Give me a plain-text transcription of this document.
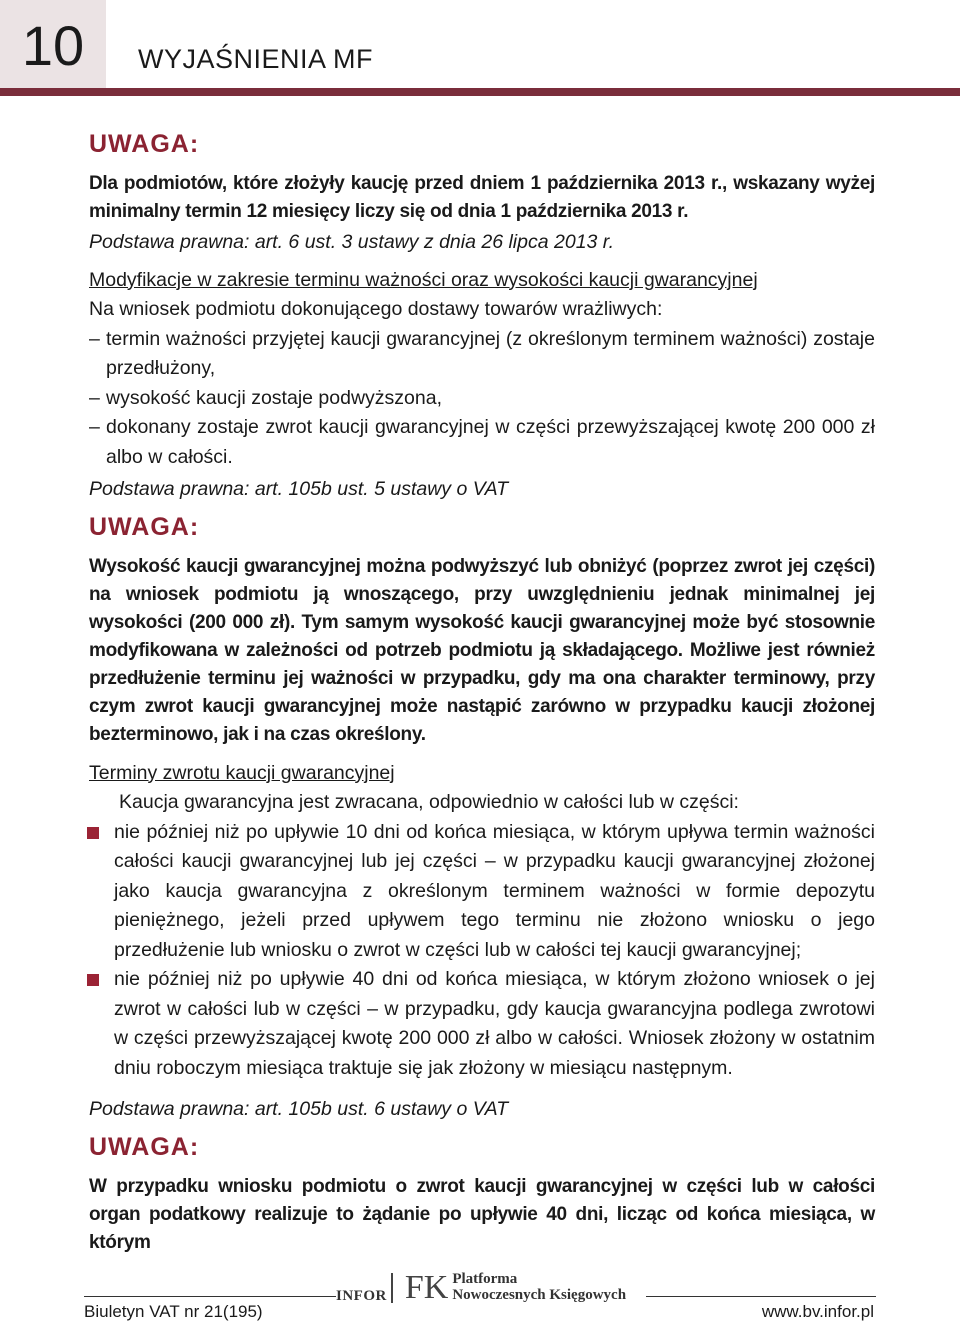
10	WYJAŚNIENIA MF
UWAGA:
Dla podmiotów, które złożyły kaucję przed dniem 1 października 2013 r., wskazany wyżej minimalny termin 12 miesięcy liczy się od dnia 1 października 2013 r.
Podstawa prawna: art. 6 ust. 3 ustawy z dnia 26 lipca 2013 r.
Modyfikacje w zakresie terminu ważności oraz wysokości kaucji gwarancyjnej
Na wniosek podmiotu dokonującego dostawy towarów wrażliwych:
– termin ważności przyjętej kaucji gwarancyjnej (z określonym terminem ważności) zostaje przedłużony,
– wysokość kaucji zostaje podwyższona,
– dokonany zostaje zwrot kaucji gwarancyjnej w części przewyższającej kwotę 200 000 zł albo w całości.
Podstawa prawna: art. 105b ust. 5 ustawy o VAT
UWAGA:
Wysokość kaucji gwarancyjnej można podwyższyć lub obniżyć (poprzez zwrot jej części) na wniosek podmiotu ją wnoszącego, przy uwzględnieniu jednak minimalnej jej wysokości (200 000 zł). Tym samym wysokość kaucji gwarancyjnej może być stosownie modyfikowana w zależności od potrzeb podmiotu ją składającego. Możliwe jest również przedłużenie terminu jej ważności w przypadku, gdy ma ona charakter terminowy, przy czym zwrot kaucji gwarancyjnej może nastąpić zarówno w przypadku kaucji złożonej bezterminowo, jak i na czas określony.
Terminy zwrotu kaucji gwarancyjnej
Kaucja gwarancyjna jest zwracana, odpowiednio w całości lub w części:
nie później niż po upływie 10 dni od końca miesiąca, w którym upływa termin ważności całości kaucji gwarancyjnej lub jej części – w przypadku kaucji gwarancyjnej złożonej jako kaucja gwarancyjna z określonym terminem ważności w formie depozytu pieniężnego, jeżeli przed upływem tego terminu nie złożono wniosku o jego przedłużenie lub wniosku o zwrot w części lub w całości tej kaucji gwarancyjnej;
nie później niż po upływie 40 dni od końca miesiąca, w którym złożono wniosek o jej zwrot w całości lub w części – w przypadku, gdy kaucja gwarancyjna podlega zwrotowi w części przewyższającej kwotę 200 000 zł albo w całości. Wniosek złożony w ostatnim dniu roboczym miesiąca traktuje się jak złożony w miesiącu następnym.
Podstawa prawna: art. 105b ust. 6 ustawy o VAT
UWAGA:
W przypadku wniosku podmiotu o zwrot kaucji gwarancyjnej w części lub w całości organ podatkowy realizuje to żądanie po upływie 40 dni, licząc od końca miesiąca, w którym
INFOR FK Platforma
Nowoczesnych Księgowych
Biuletyn VAT nr 21(195)	www.bv.infor.pl
